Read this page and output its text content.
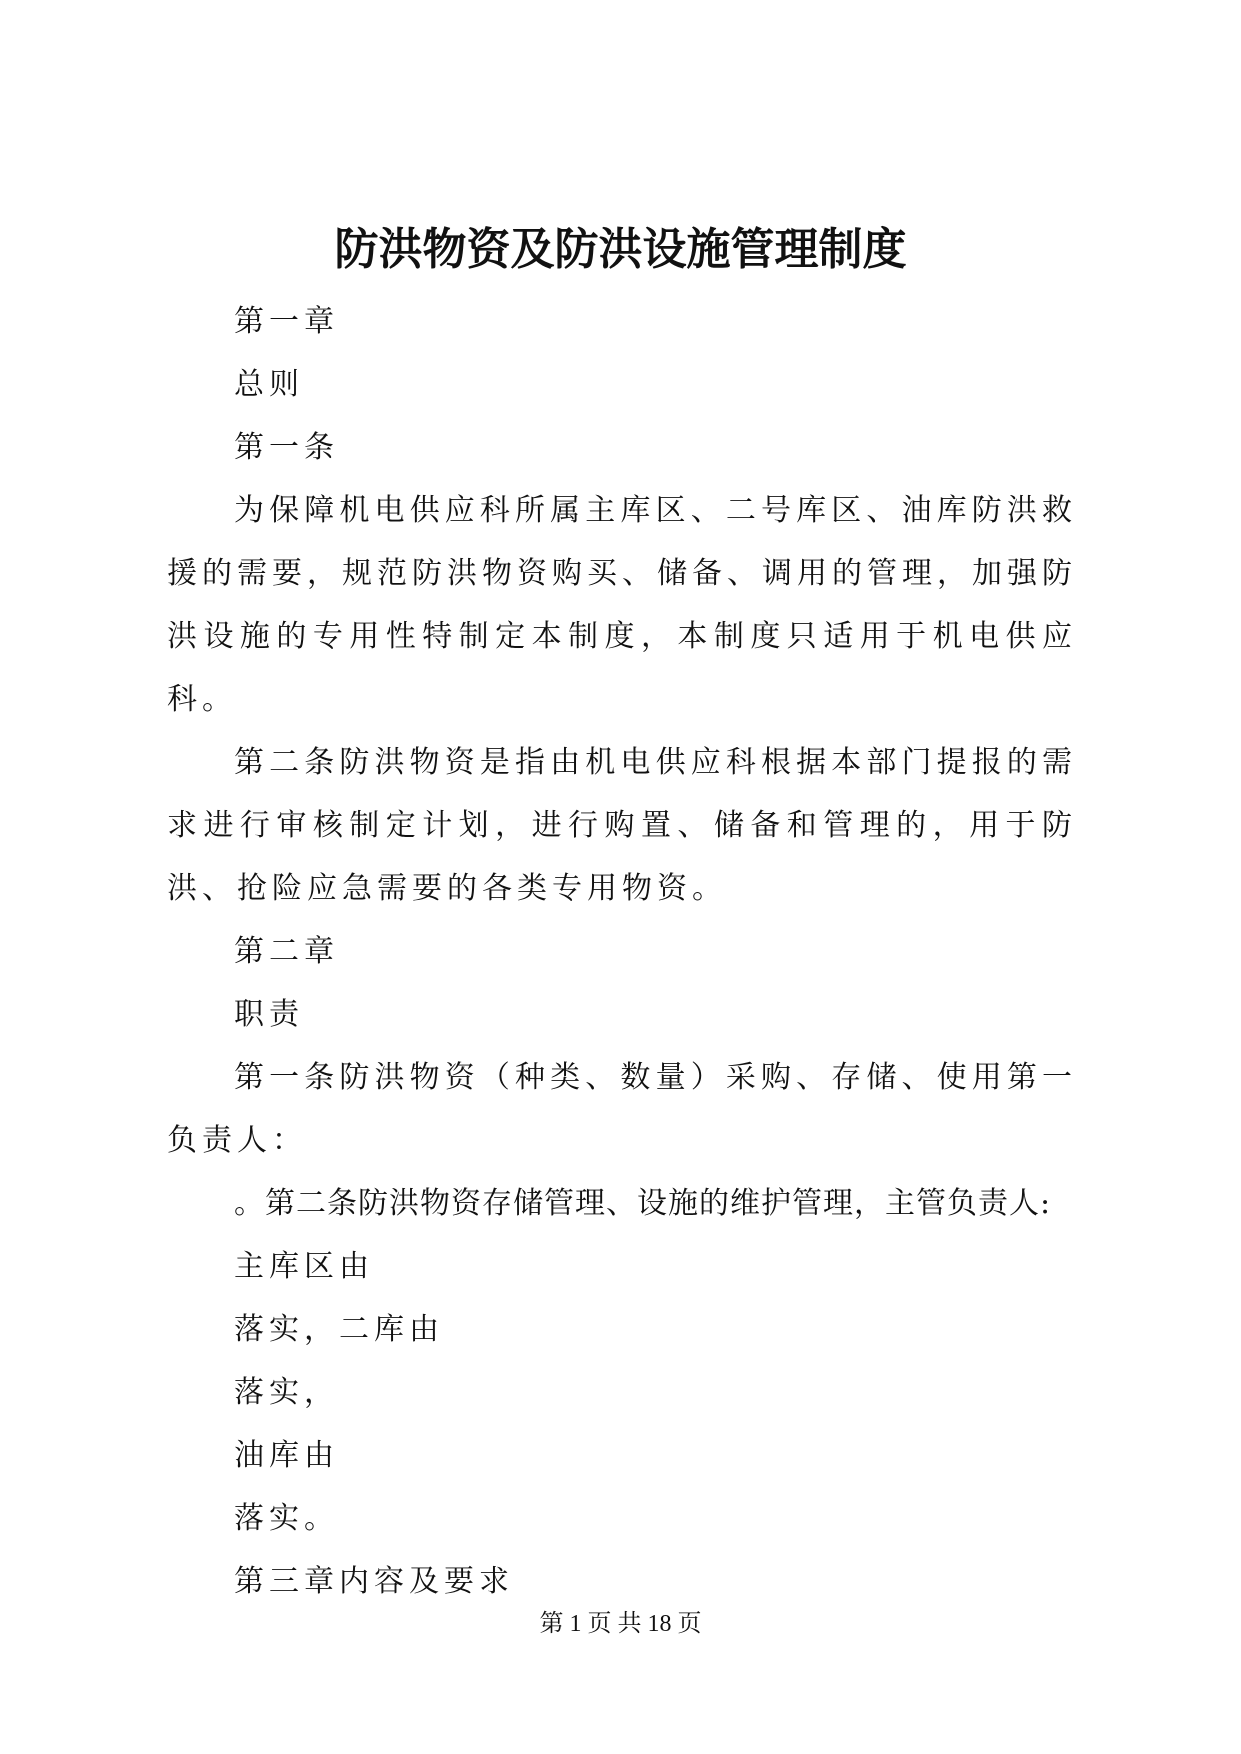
防洪物资及防洪设施管理制度

第一章

总则

第一条

为保障机电供应科所属主库区、二号库区、油库防洪救援的需要，规范防洪物资购买、储备、调用的管理，加强防洪设施的专用性特制定本制度，本制度只适用于机电供应科。

第二条防洪物资是指由机电供应科根据本部门提报的需求进行审核制定计划，进行购置、储备和管理的，用于防洪、抢险应急需要的各类专用物资。

第二章

职责

第一条防洪物资（种类、数量）采购、存储、使用第一负责人：

。第二条防洪物资存储管理、设施的维护管理，主管负责人:

主库区由

落实，二库由

落实，

油库由

落实。

第三章内容及要求

第 1 页 共 18 页
